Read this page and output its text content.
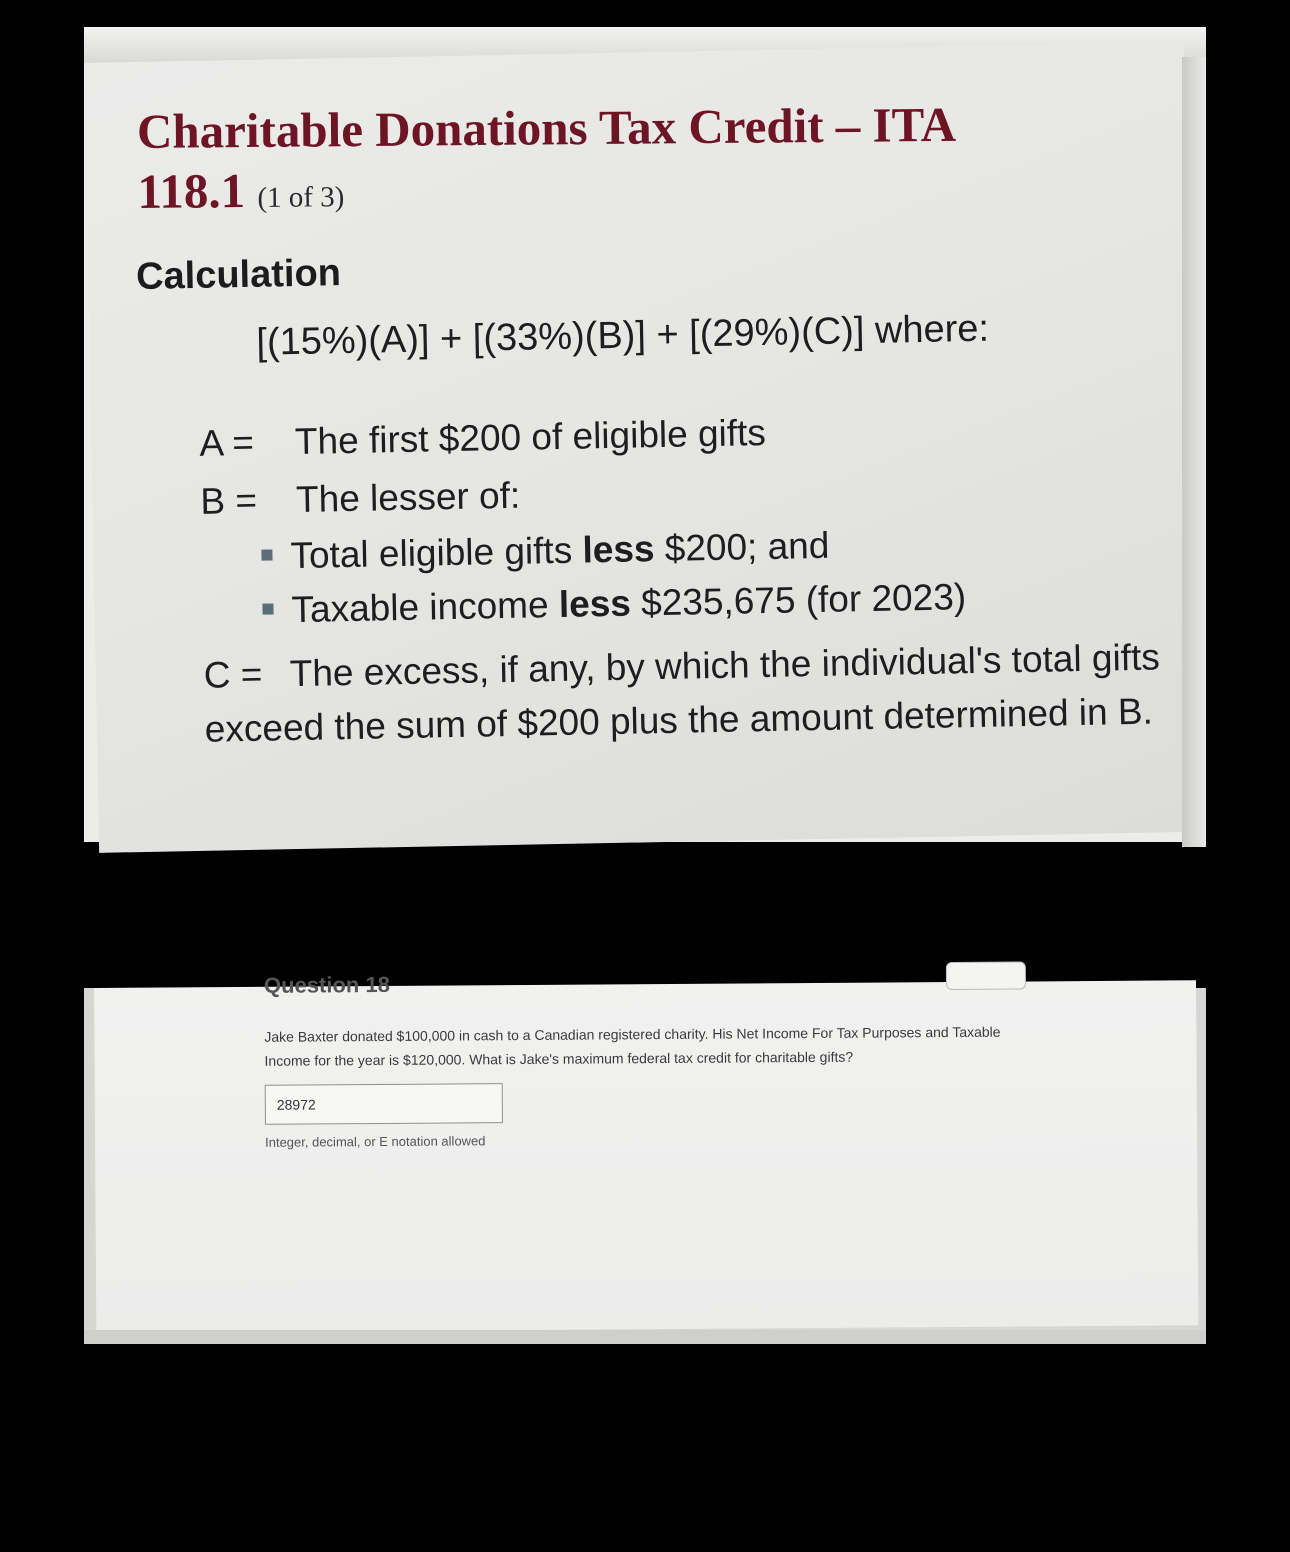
Charitable Donations Tax Credit – ITA
118.1 (1 of 3)
Calculation
[(15%)(A)] + [(33%)(B)] + [(29%)(C)] where:
A = The first $200 of eligible gifts
B = The lesser of:
Total eligible gifts less $200; and
Taxable income less $235,675 (for 2023)
C = The excess, if any, by which the individual's total gifts exceed the sum of $200 plus the amount determined in B.
Question 18
Jake Baxter donated $100,000 in cash to a Canadian registered charity. His Net Income For Tax Purposes and Taxable Income for the year is $120,000. What is Jake's maximum federal tax credit for charitable gifts?
28972
Integer, decimal, or E notation allowed
